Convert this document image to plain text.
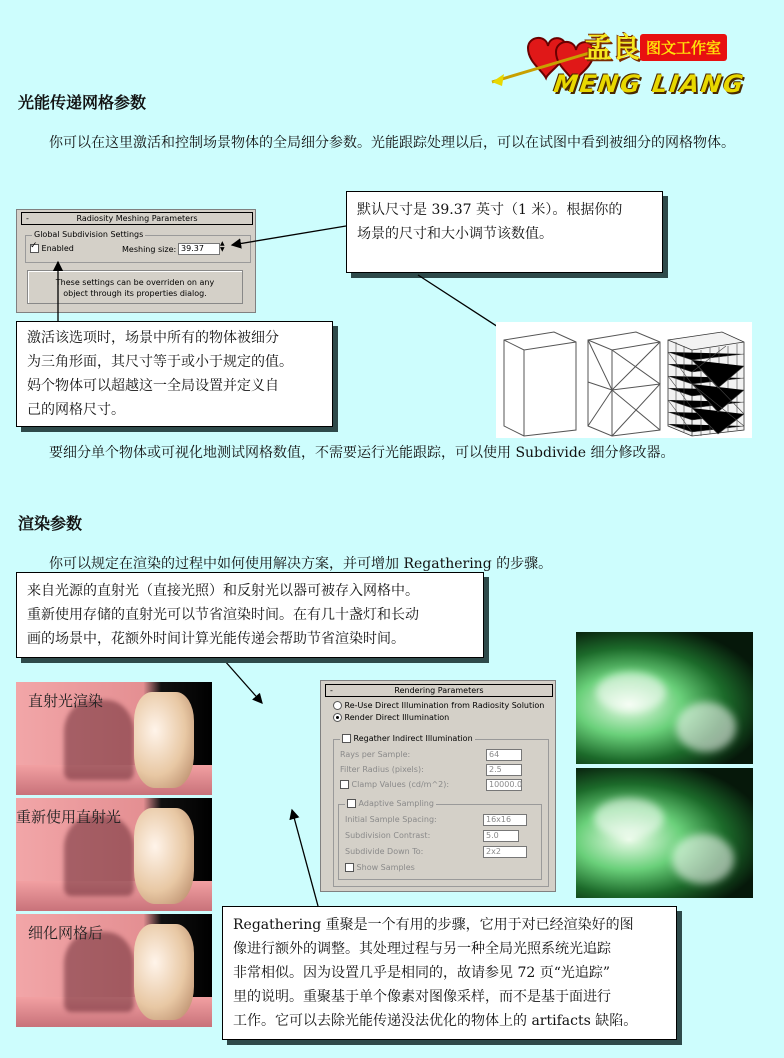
孟良 图文工作室
MENG LIANG
光能传递网格参数
你可以在这里激活和控制场景物体的全局细分参数。光能跟踪处理以后，可以在试图中看到被细分的网格物体。
-	Radiosity Meshing Parameters
Global Subdivision Settings
✓ Enabled	Meshing size: 39.37
▲
▼
These settings can be overriden on any
object through its properties dialog.
默认尺寸是 39.37 英寸（1 米）。根据你的
场景的尺寸和大小调节该数值。
激活该选项时，场景中所有的物体被细分
为三角形面，其尺寸等于或小于规定的值。
妈个物体可以超越这一全局设置并定义自
己的网格尺寸。
要细分单个物体或可视化地测试网格数值，不需要运行光能跟踪，可以使用 Subdivide 细分修改器。
渲染参数
你可以规定在渲染的过程中如何使用解决方案，并可增加 Regathering 的步骤。
来自光源的直射光（直接光照）和反射光以器可被存入网格中。
重新使用存储的直射光可以节省渲染时间。在有几十盏灯和长动
画的场景中，花额外时间计算光能传递会帮助节省渲染时间。
直射光渲染
重新使用直射光
细化网格后
-	Rendering Parameters
Re-Use Direct Illumination from Radiosity Solution
Render Direct Illumination
Regather Indirect Illumination
Rays per Sample:	64
Filter Radius (pixels):	2.5
Clamp Values (cd/m^2):	10000.0
Adaptive Sampling
Initial Sample Spacing:	16x16
Subdivision Contrast:	5.0
Subdivide Down To:	2x2
Show Samples
Regathering 重聚是一个有用的步骤，它用于对已经渲染好的图
像进行额外的调整。其处理过程与另一种全局光照系统光追踪
非常相似。因为设置几乎是相同的，故请参见 72 页“光追踪”
里的说明。重聚基于单个像素对图像采样，而不是基于面进行
工作。它可以去除光能传递没法优化的物体上的 artifacts 缺陷。
